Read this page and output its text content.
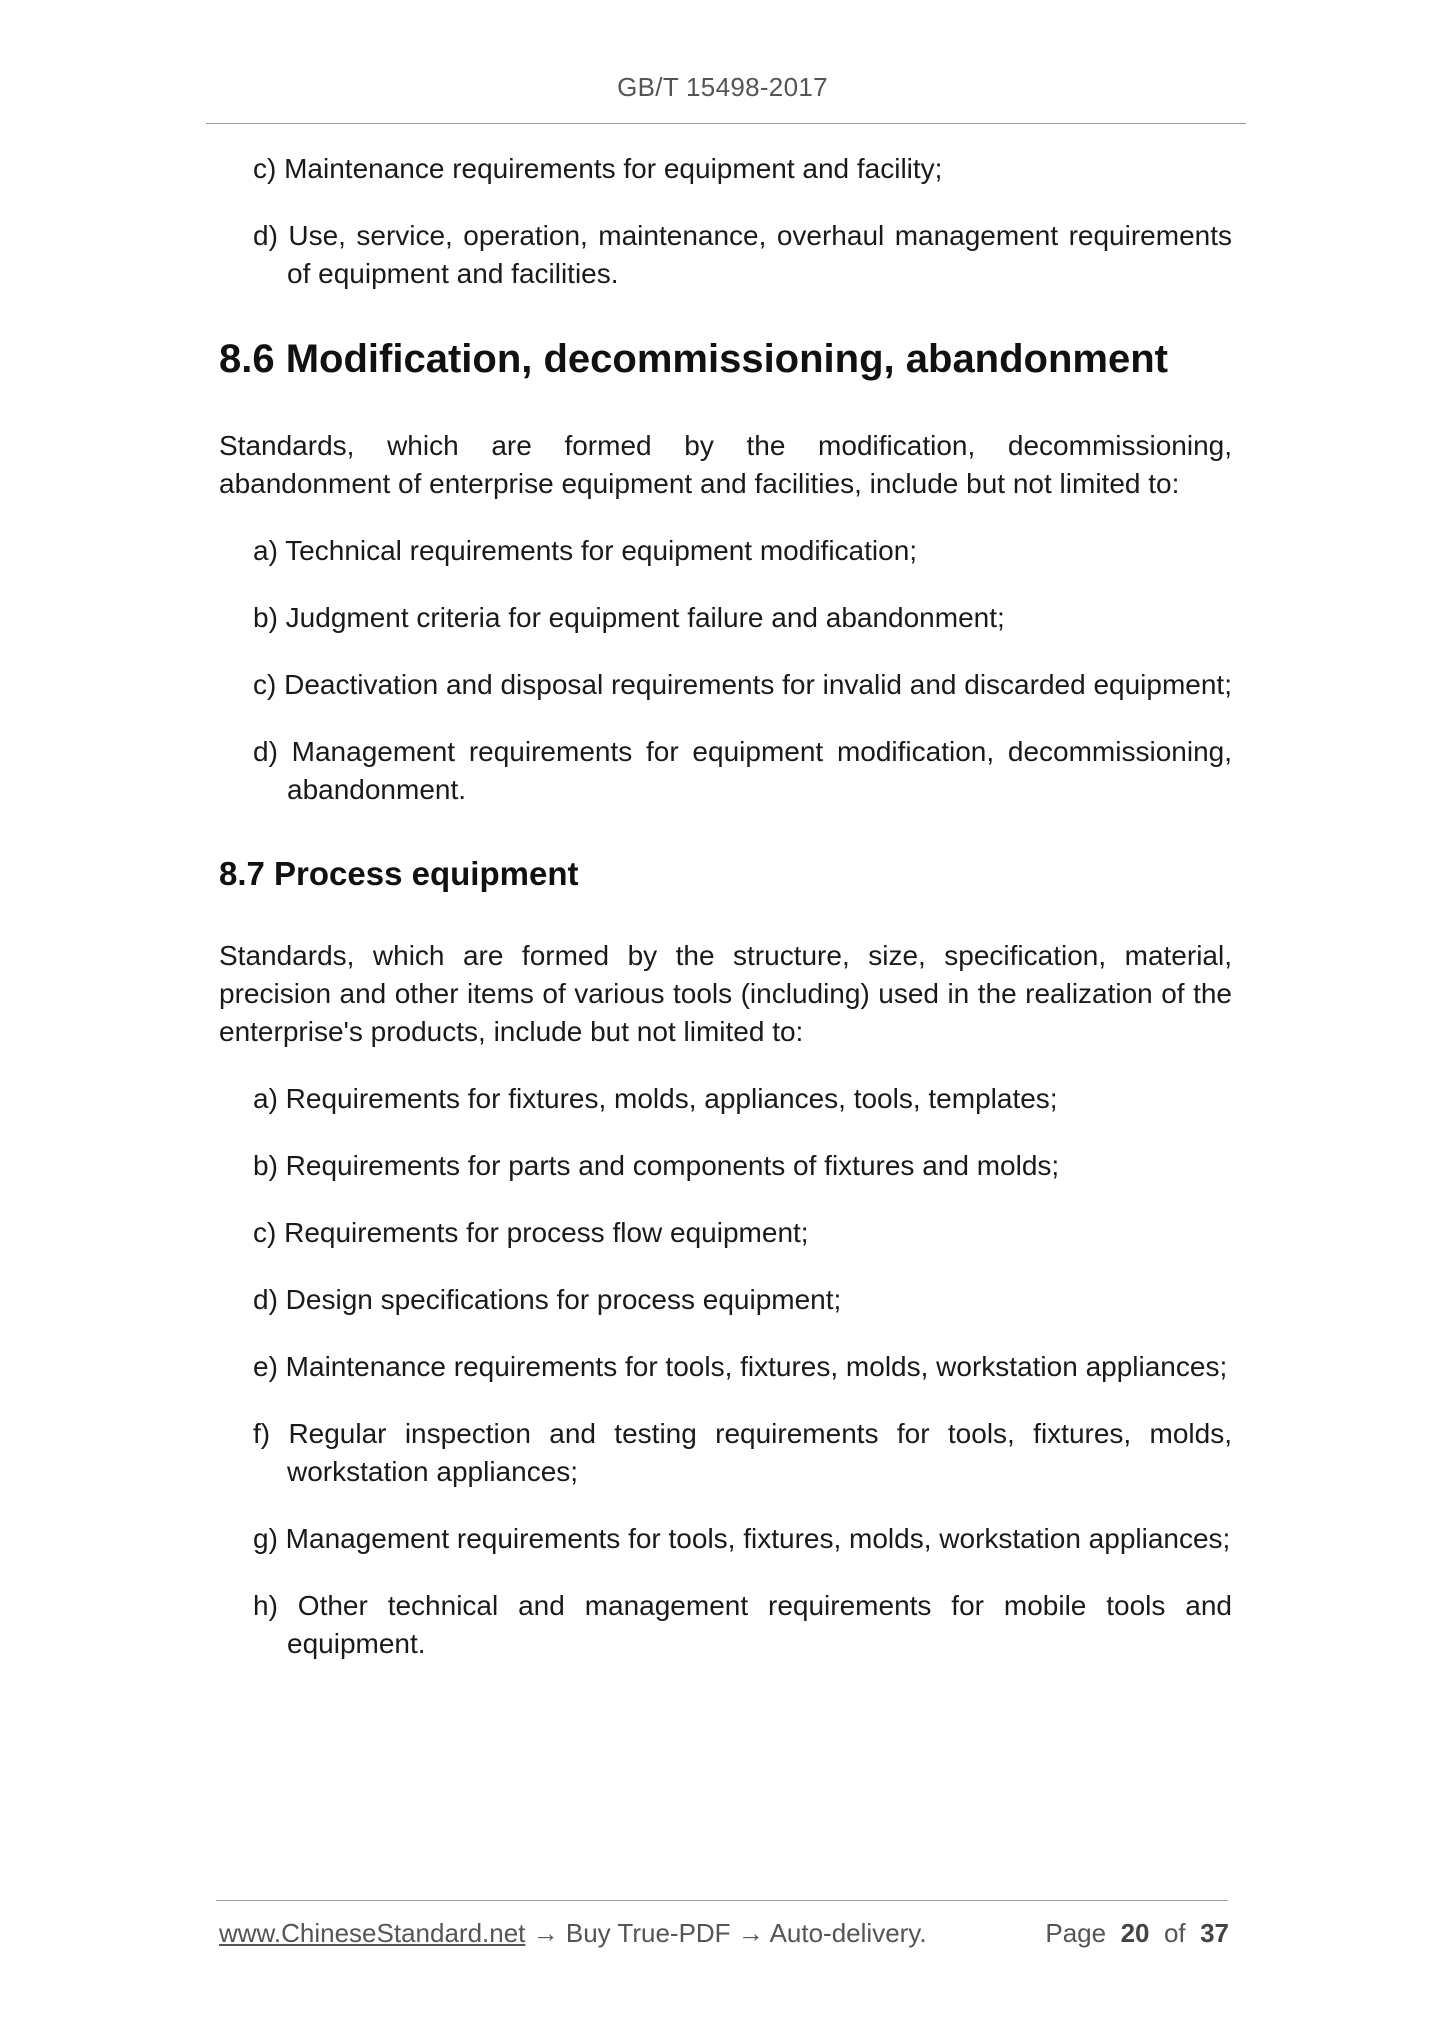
GB/T 15498-2017

c) Maintenance requirements for equipment and facility;

d) Use, service, operation, maintenance, overhaul management requirements of equipment and facilities.

8.6 Modification, decommissioning, abandonment

Standards, which are formed by the modification, decommissioning, abandonment of enterprise equipment and facilities, include but not limited to:

a) Technical requirements for equipment modification;

b) Judgment criteria for equipment failure and abandonment;

c) Deactivation and disposal requirements for invalid and discarded equipment;

d) Management requirements for equipment modification, decommissioning, abandonment.

8.7 Process equipment

Standards, which are formed by the structure, size, specification, material, precision and other items of various tools (including) used in the realization of the enterprise's products, include but not limited to:

a) Requirements for fixtures, molds, appliances, tools, templates;

b) Requirements for parts and components of fixtures and molds;

c) Requirements for process flow equipment;

d) Design specifications for process equipment;

e) Maintenance requirements for tools, fixtures, molds, workstation appliances;

f) Regular inspection and testing requirements for tools, fixtures, molds, workstation appliances;

g) Management requirements for tools, fixtures, molds, workstation appliances;

h) Other technical and management requirements for mobile tools and equipment.

www.ChineseStandard.net → Buy True-PDF → Auto-delivery.	Page 20 of 37
